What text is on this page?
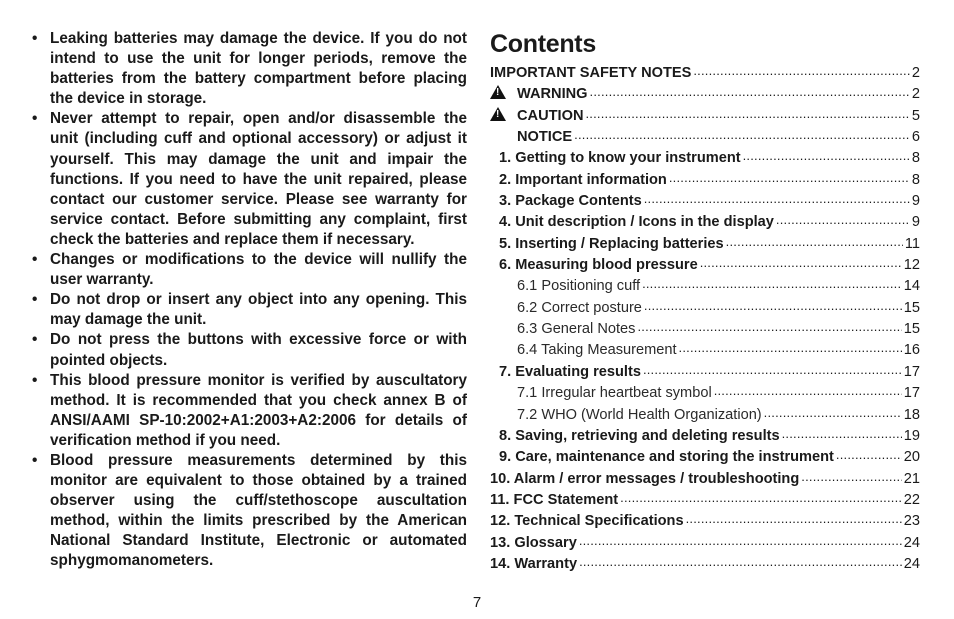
• Leaking batteries may damage the device. If you do not intend to use the unit for longer periods, remove the batteries from the battery compartment before placing the device in storage.
• Never attempt to repair, open and/or disassemble the unit (including cuff and optional accessory) or adjust it yourself. This may damage the unit and impair the functions. If you need to have the unit repaired, please contact our customer service. Please see warranty for service contact. Before submitting any complaint, first check the batteries and replace them if necessary.
• Changes or modifications to the device will nullify the user warranty.
• Do not drop or insert any object into any opening. This may damage the unit.
• Do not press the buttons with excessive force or with pointed objects.
• This blood pressure monitor is verified by auscultatory method. It is recommended that you check annex B of ANSI/AAMI SP-10:2002+A1:2003+A2:2006 for details of verification method if you need.
• Blood pressure measurements determined by this monitor are equivalent to those obtained by a trained observer using the cuff/stethoscope auscultation method, within the limits prescribed by the American National Standard Institute, Electronic or automated sphygmomanometers.
Contents
IMPORTANT SAFETY NOTES .....	2
!
WARNING .....	2
!
CAUTION .....	5
NOTICE .....	6
1. Getting to know your instrument .....	8
2. Important information .....	8
3. Package Contents .....	9
4. Unit description / Icons in the display .....	9
5. Inserting / Replacing batteries .....	11
6. Measuring blood pressure .....	12
6.1 Positioning cuff .....	14
6.2 Correct posture .....	15
6.3 General Notes .....	15
6.4 Taking Measurement .....	16
7. Evaluating results .....	17
7.1 Irregular heartbeat symbol .....	17
7.2 WHO (World Health Organization) .....	18
8. Saving, retrieving and deleting results .....	19
9. Care, maintenance and storing the instrument .....	20
10. Alarm / error messages / troubleshooting .....	21
11. FCC Statement .....	22
12. Technical Specifications .....	23
13. Glossary .....	24
14. Warranty .....	24
7
